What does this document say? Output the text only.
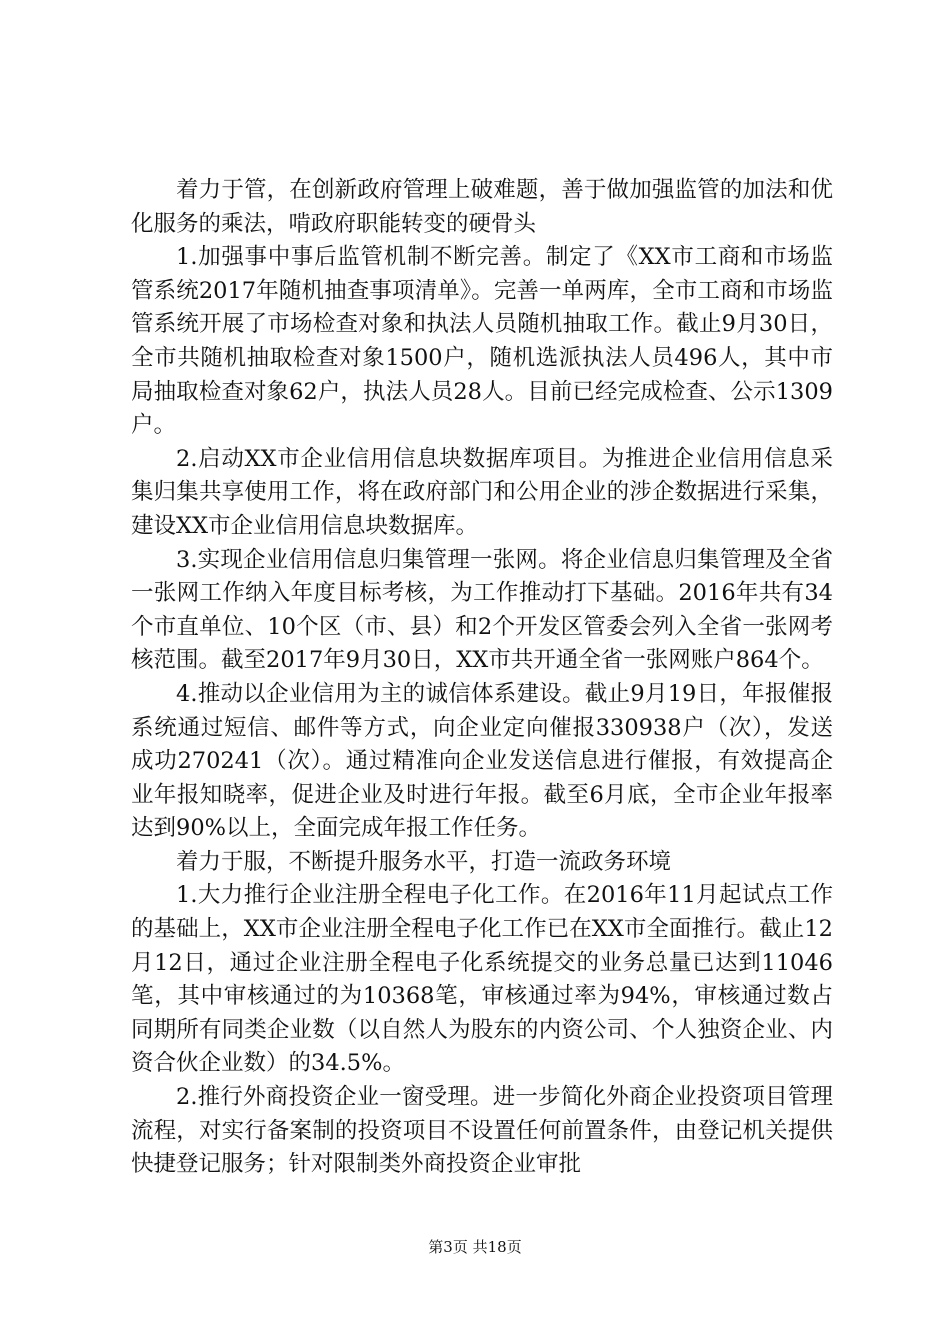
着力于管，在创新政府管理上破难题，善于做加强监管的加法和优化服务的乘法，啃政府职能转变的硬骨头

1.加强事中事后监管机制不断完善。制定了《XX市工商和市场监管系统2017年随机抽查事项清单》。完善一单两库，全市工商和市场监管系统开展了市场检查对象和执法人员随机抽取工作。截止9月30日，全市共随机抽取检查对象1500户，随机选派执法人员496人，其中市局抽取检查对象62户，执法人员28人。目前已经完成检查、公示1309户。

2.启动XX市企业信用信息块数据库项目。为推进企业信用信息采集归集共享使用工作，将在政府部门和公用企业的涉企数据进行采集，建设XX市企业信用信息块数据库。

3.实现企业信用信息归集管理一张网。将企业信息归集管理及全省一张网工作纳入年度目标考核，为工作推动打下基础。2016年共有34个市直单位、10个区（市、县）和2个开发区管委会列入全省一张网考核范围。截至2017年9月30日，XX市共开通全省一张网账户864个。

4.推动以企业信用为主的诚信体系建设。截止9月19日，年报催报系统通过短信、邮件等方式，向企业定向催报330938户（次），发送成功270241（次）。通过精准向企业发送信息进行催报，有效提高企业年报知晓率，促进企业及时进行年报。截至6月底，全市企业年报率达到90%以上，全面完成年报工作任务。

着力于服，不断提升服务水平，打造一流政务环境

1.大力推行企业注册全程电子化工作。在2016年11月起试点工作的基础上，XX市企业注册全程电子化工作已在XX市全面推行。截止12月12日，通过企业注册全程电子化系统提交的业务总量已达到11046笔，其中审核通过的为10368笔，审核通过率为94%，审核通过数占同期所有同类企业数（以自然人为股东的内资公司、个人独资企业、内资合伙企业数）的34.5%。

2.推行外商投资企业一窗受理。进一步简化外商企业投资项目管理流程，对实行备案制的投资项目不设置任何前置条件，由登记机关提供快捷登记服务；针对限制类外商投资企业审批

第3页 共18页
